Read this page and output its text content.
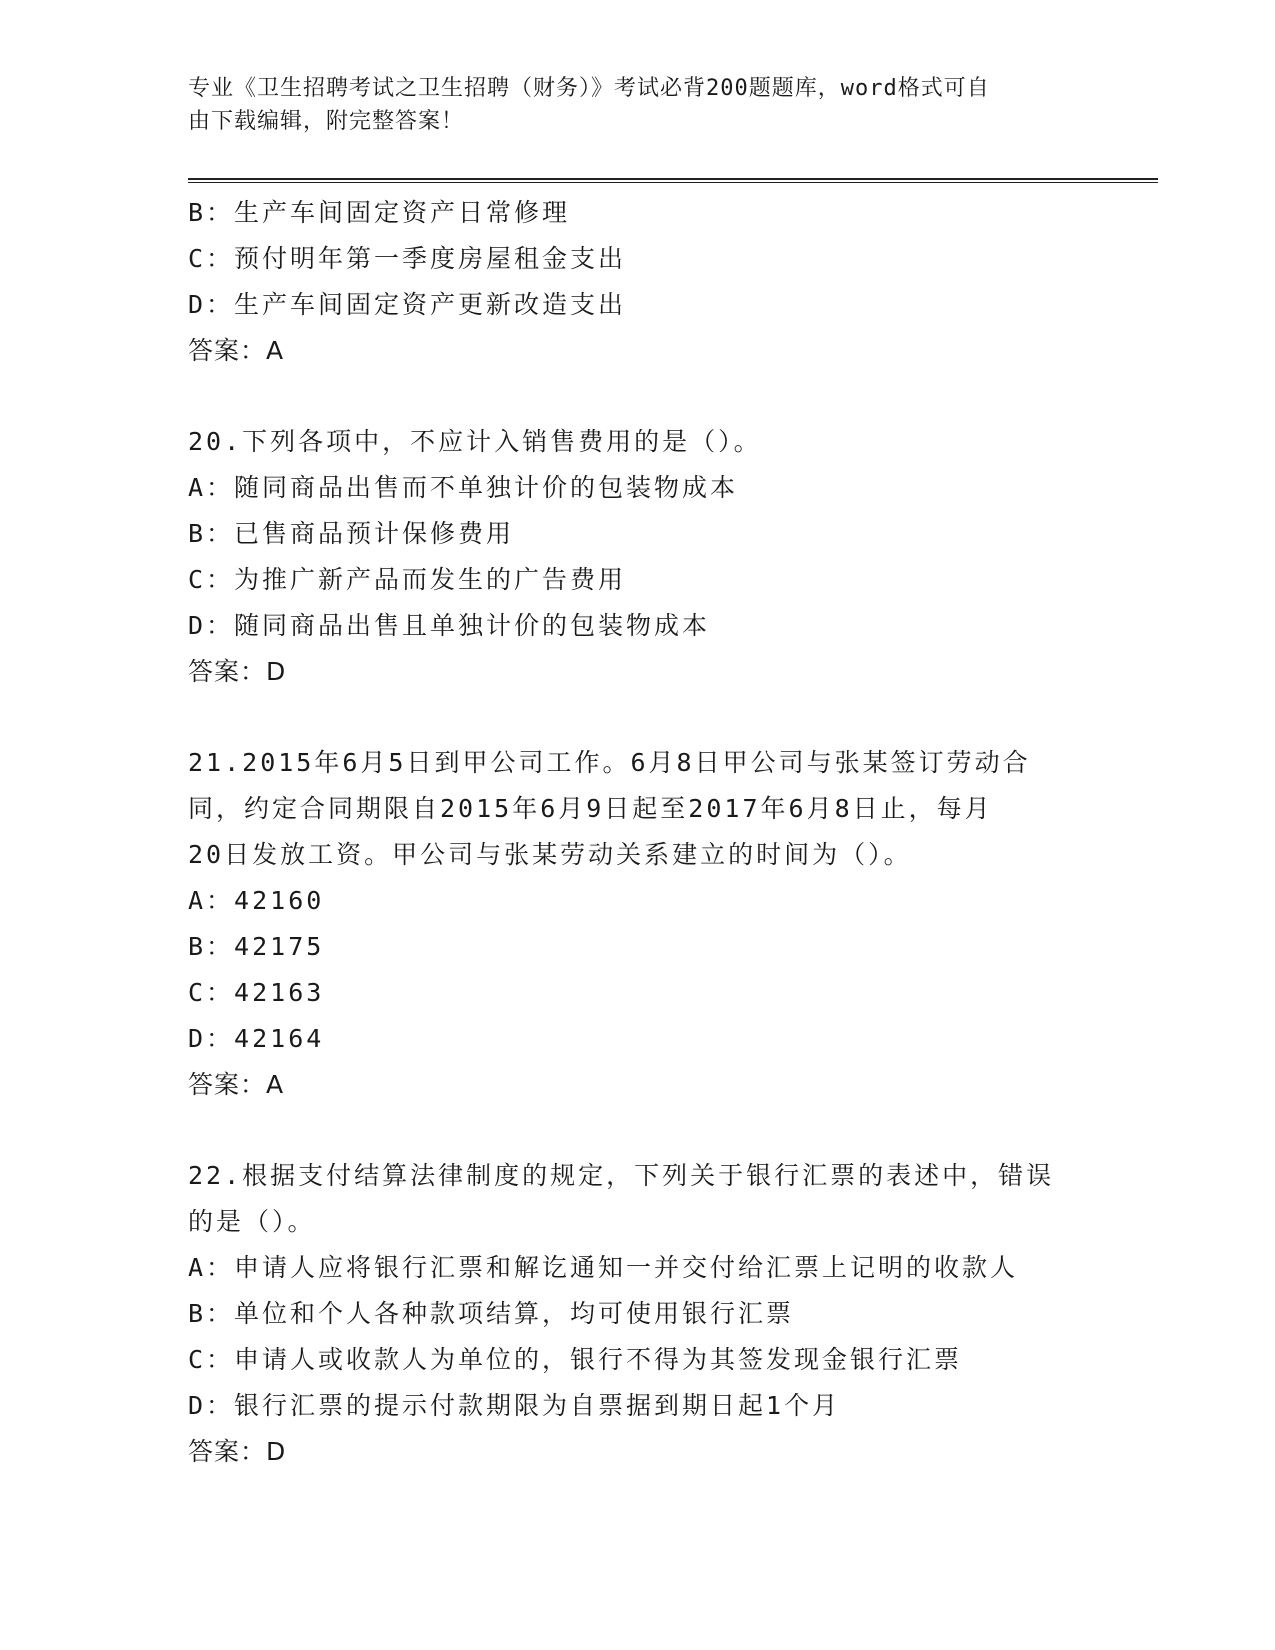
专业《卫生招聘考试之卫生招聘（财务）》考试必背200题题库，word格式可自
由下载编辑，附完整答案！
B：生产车间固定资产日常修理
C：预付明年第一季度房屋租金支出
D：生产车间固定资产更新改造支出
答案：A
20.下列各项中，不应计入销售费用的是（）。
A：随同商品出售而不单独计价的包装物成本
B：已售商品预计保修费用
C：为推广新产品而发生的广告费用
D：随同商品出售且单独计价的包装物成本
答案：D
21.2015年6月5日到甲公司工作。6月8日甲公司与张某签订劳动合
同，约定合同期限自2015年6月9日起至2017年6月8日止，每月
20日发放工资。甲公司与张某劳动关系建立的时间为（）。
A：42160
B：42175
C：42163
D：42164
答案：A
22.根据支付结算法律制度的规定，下列关于银行汇票的表述中，错误
的是（）。
A：申请人应将银行汇票和解讫通知一并交付给汇票上记明的收款人
B：单位和个人各种款项结算，均可使用银行汇票
C：申请人或收款人为单位的，银行不得为其签发现金银行汇票
D：银行汇票的提示付款期限为自票据到期日起1个月
答案：D
